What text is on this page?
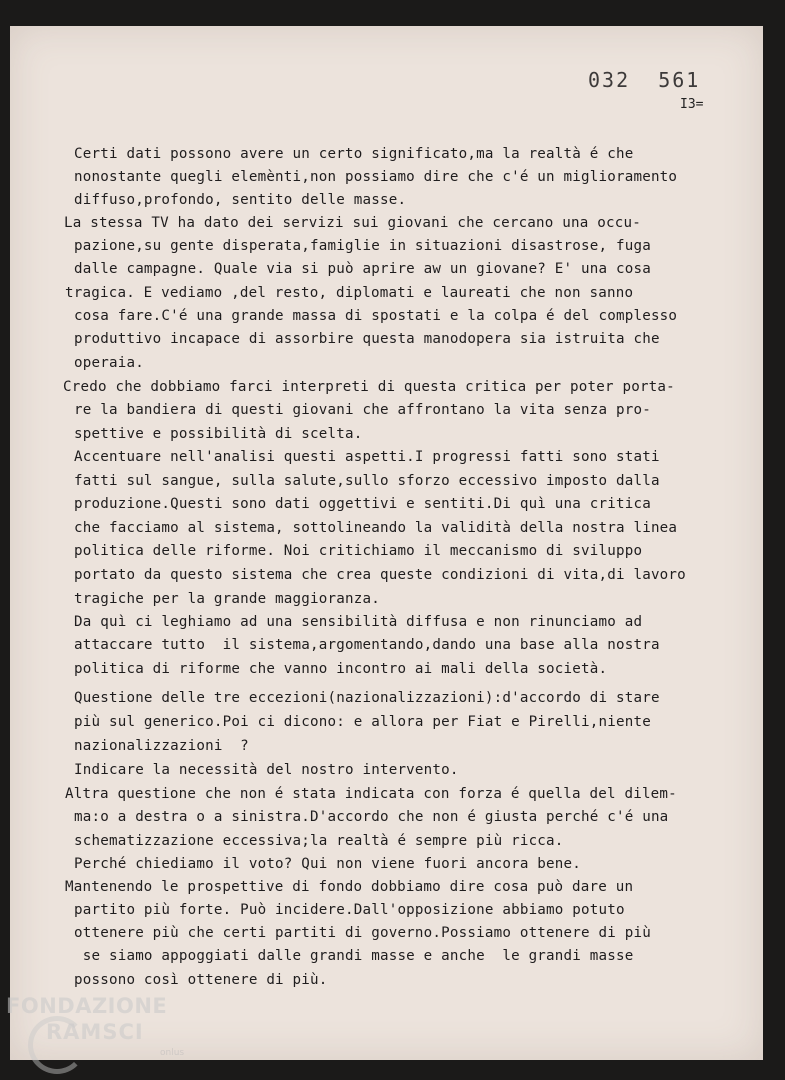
032  561
I3=
Certi dati possono avere un certo significato,ma la realtà é che
nonostante quegli elemènti,non possiamo dire che c'é un miglioramento
diffuso,profondo, sentito delle masse.
La stessa TV ha dato dei servizi sui giovani che cercano una occu-
pazione,su gente disperata,famiglie in situazioni disastrose, fuga
dalle campagne. Quale via si può aprire aw un giovane? E' una cosa
tragica. E vediamo ,del resto, diplomati e laureati che non sanno
cosa fare.C'é una grande massa di spostati e la colpa é del complesso
produttivo incapace di assorbire questa manodopera sia istruita che
operaia.
Credo che dobbiamo farci interpreti di questa critica per poter porta-
re la bandiera di questi giovani che affrontano la vita senza pro-
spettive e possibilità di scelta.
Accentuare nell'analisi questi aspetti.I progressi fatti sono stati
fatti sul sangue, sulla salute,sullo sforzo eccessivo imposto dalla
produzione.Questi sono dati oggettivi e sentiti.Di quì una critica
che facciamo al sistema, sottolineando la validità della nostra linea
politica delle riforme. Noi critichiamo il meccanismo di sviluppo
portato da questo sistema che crea queste condizioni di vita,di lavoro
tragiche per la grande maggioranza.
Da quì ci leghiamo ad una sensibilità diffusa e non rinunciamo ad
attaccare tutto  il sistema,argomentando,dando una base alla nostra
politica di riforme che vanno incontro ai mali della società.
Questione delle tre eccezioni(nazionalizzazioni):d'accordo di stare
più sul generico.Poi ci dicono: e allora per Fiat e Pirelli,niente
nazionalizzazioni  ?
Indicare la necessità del nostro intervento.
Altra questione che non é stata indicata con forza é quella del dilem-
ma:o a destra o a sinistra.D'accordo che non é giusta perché c'é una
schematizzazione eccessiva;la realtà é sempre più ricca.
Perché chiediamo il voto? Qui non viene fuori ancora bene.
Mantenendo le prospettive di fondo dobbiamo dire cosa può dare un
partito più forte. Può incidere.Dall'opposizione abbiamo potuto
ottenere più che certi partiti di governo.Possiamo ottenere di più
se siamo appoggiati dalle grandi masse e anche  le grandi masse
possono così ottenere di più.
FONDAZIONE
RAMSCI
onlus
